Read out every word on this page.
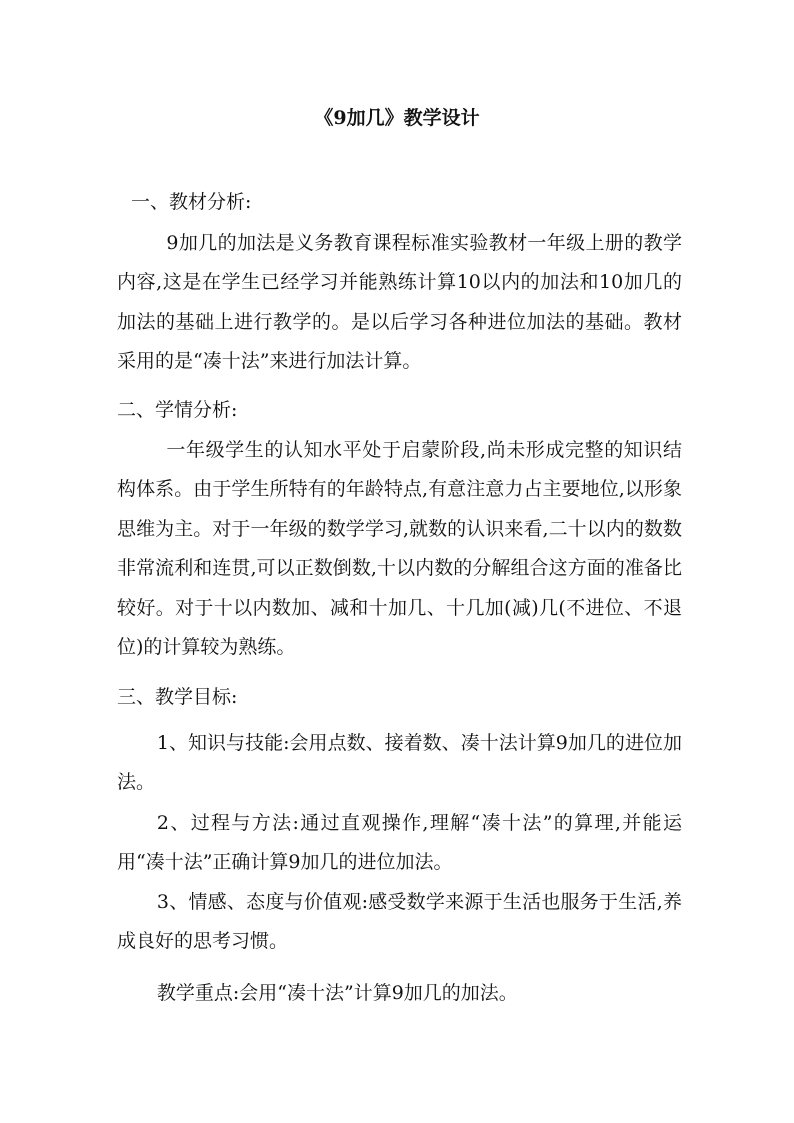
《9加几》教学设计
一、教材分析:
9加几的加法是义务教育课程标准实验教材一年级上册的教学内容,这是在学生已经学习并能熟练计算10以内的加法和10加几的加法的基础上进行教学的。是以后学习各种进位加法的基础。教材采用的是“凑十法”来进行加法计算。
二、学情分析:
一年级学生的认知水平处于启蒙阶段,尚未形成完整的知识结构体系。由于学生所特有的年龄特点,有意注意力占主要地位,以形象思维为主。对于一年级的数学学习,就数的认识来看,二十以内的数数非常流利和连贯,可以正数倒数,十以内数的分解组合这方面的准备比较好。对于十以内数加、减和十加几、十几加(减)几(不进位、不退位)的计算较为熟练。
三、教学目标:
1、知识与技能:会用点数、接着数、凑十法计算9加几的进位加法。
2、过程与方法:通过直观操作,理解“凑十法”的算理,并能运用“凑十法”正确计算9加几的进位加法。
3、情感、态度与价值观:感受数学来源于生活也服务于生活,养成良好的思考习惯。
教学重点:会用“凑十法”计算9加几的加法。
